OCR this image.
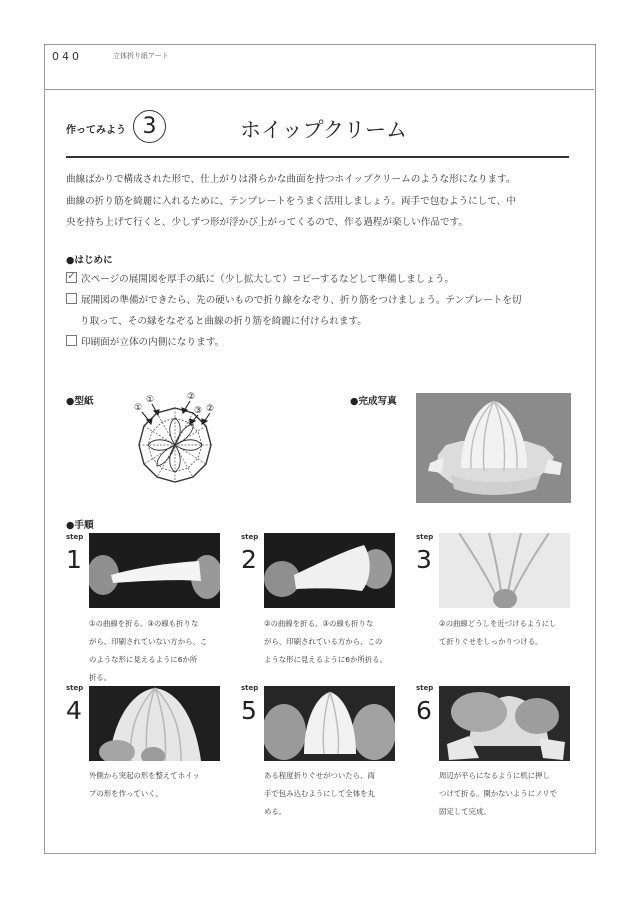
040	立体折り紙アート
作ってみよう 3	ホイップクリーム
曲線ばかりで構成された形で、仕上がりは滑らかな曲面を持つホイップクリームのような形になります。
曲線の折り筋を綺麗に入れるために、テンプレートをうまく活用しましょう。両手で包むようにして、中
央を持ち上げて行くと、少しずつ形が浮かび上がってくるので、作る過程が楽しい作品です。
●はじめに
✓次ページの展開図を厚手の紙に（少し拡大して）コピーするなどして準備しましょう。
展開図の準備ができたら、先の硬いもので折り線をなぞり、折り筋をつけましょう。テンプレートを切
り取って、その縁をなぞると曲線の折り筋を綺麗に付けられます。
印刷面が立体の内側になります。
●型紙
①
①	②
③ ②
●完成写真
●手順
step
1
①の曲線を折る。③の線も折りな
がら、印刷されていない方から、こ
のような形に見えるように6か所
折る。
step
2
②の曲線を折る。③の線も折りな
がら、印刷されている方から、この
ような形に見えるように6か所折る。
step
3
②の曲線どうしを近づけるようにし
て折りぐせをしっかりつける。
step
4
外側から突起の形を整えてホイッ
プの形を作っていく。
step
5
ある程度折りぐせがついたら、両
手で包み込むようにして全体を丸
める。
step
6
周辺が平らになるように机に押し
つけて折る。開かないようにノリで
固定して完成。
